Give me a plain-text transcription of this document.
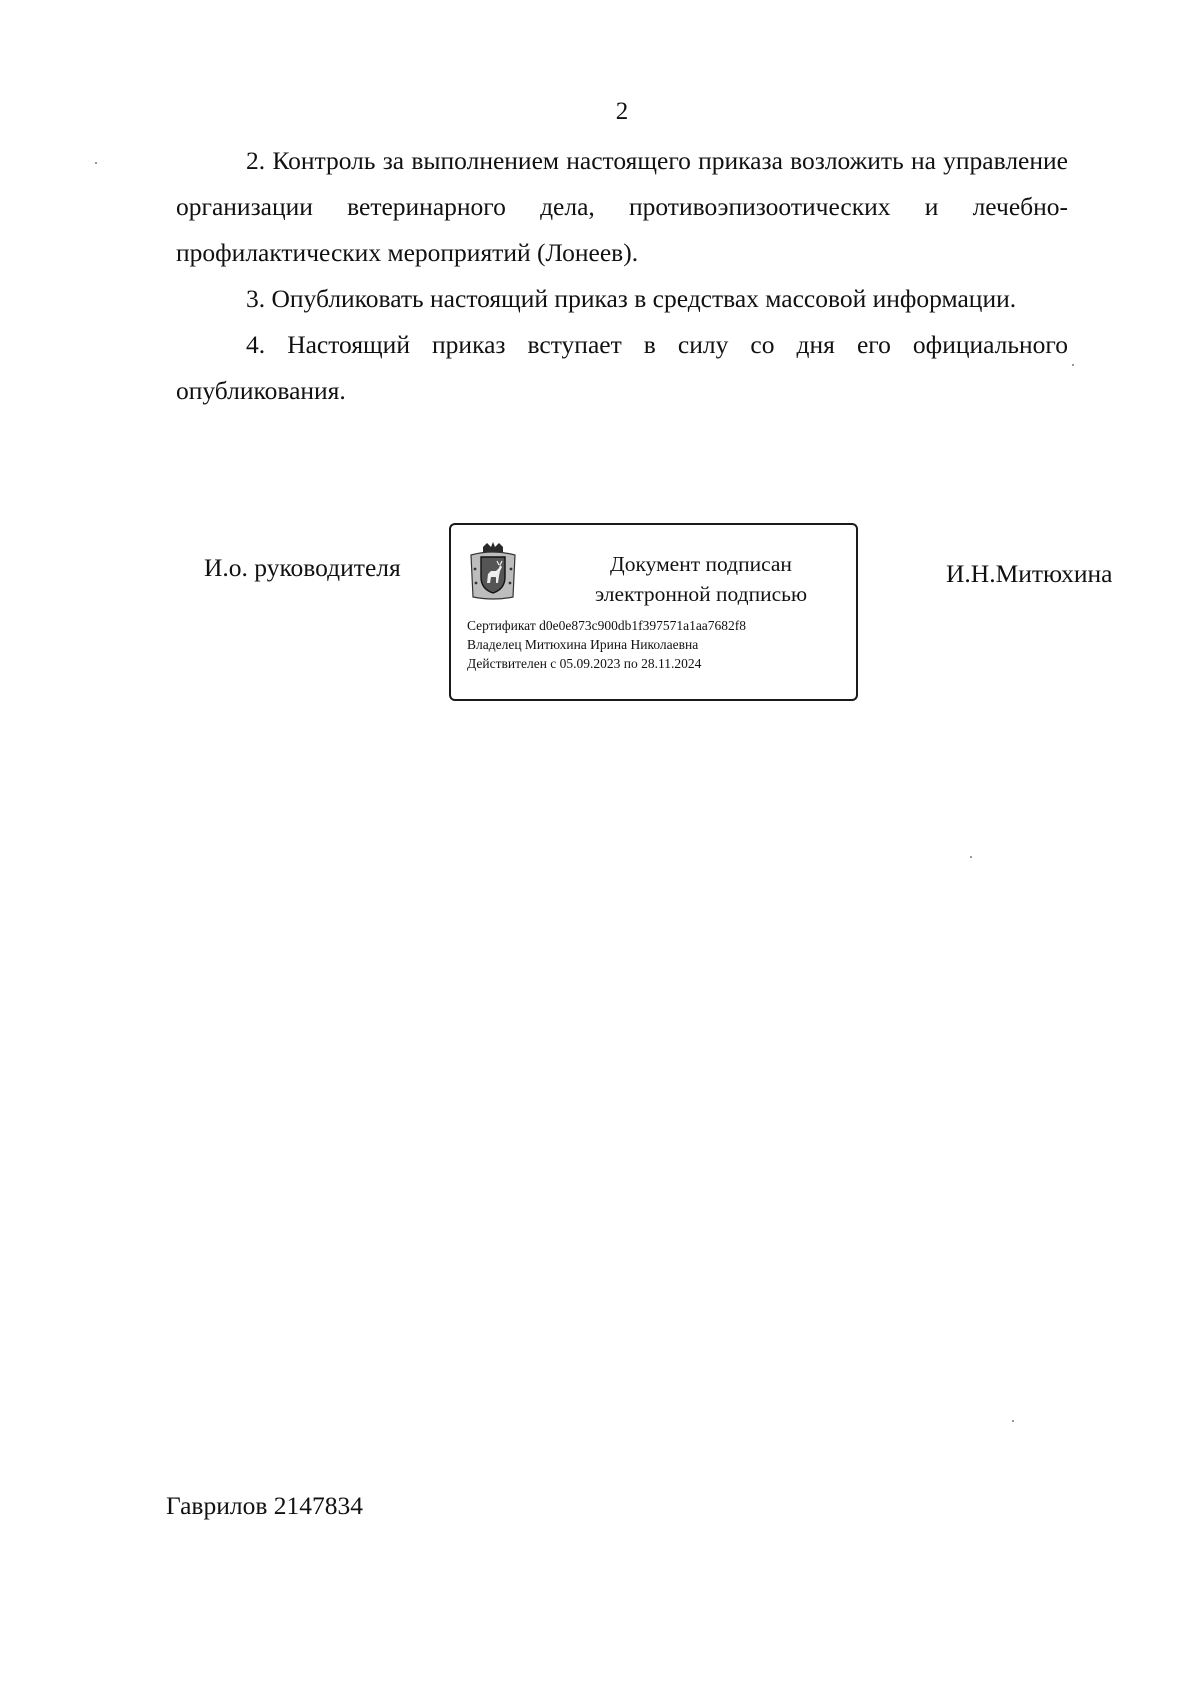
2

2. Контроль за выполнением настоящего приказа возложить на управление организации ветеринарного дела, противоэпизоотических и лечебно-профилактических мероприятий (Лонеев).

3. Опубликовать настоящий приказ в средствах массовой информации.

4. Настоящий приказ вступает в силу со дня его официального опубликования.

И.о. руководителя	Документ подписан
электронной подписью
Сертификат d0e0e873c900db1f397571a1aa7682f8
Владелец Митюхина Ирина Николаевна
Действителен с 05.09.2023 по 28.11.2024
И.Н.Митюхина
Гаврилов 2147834
